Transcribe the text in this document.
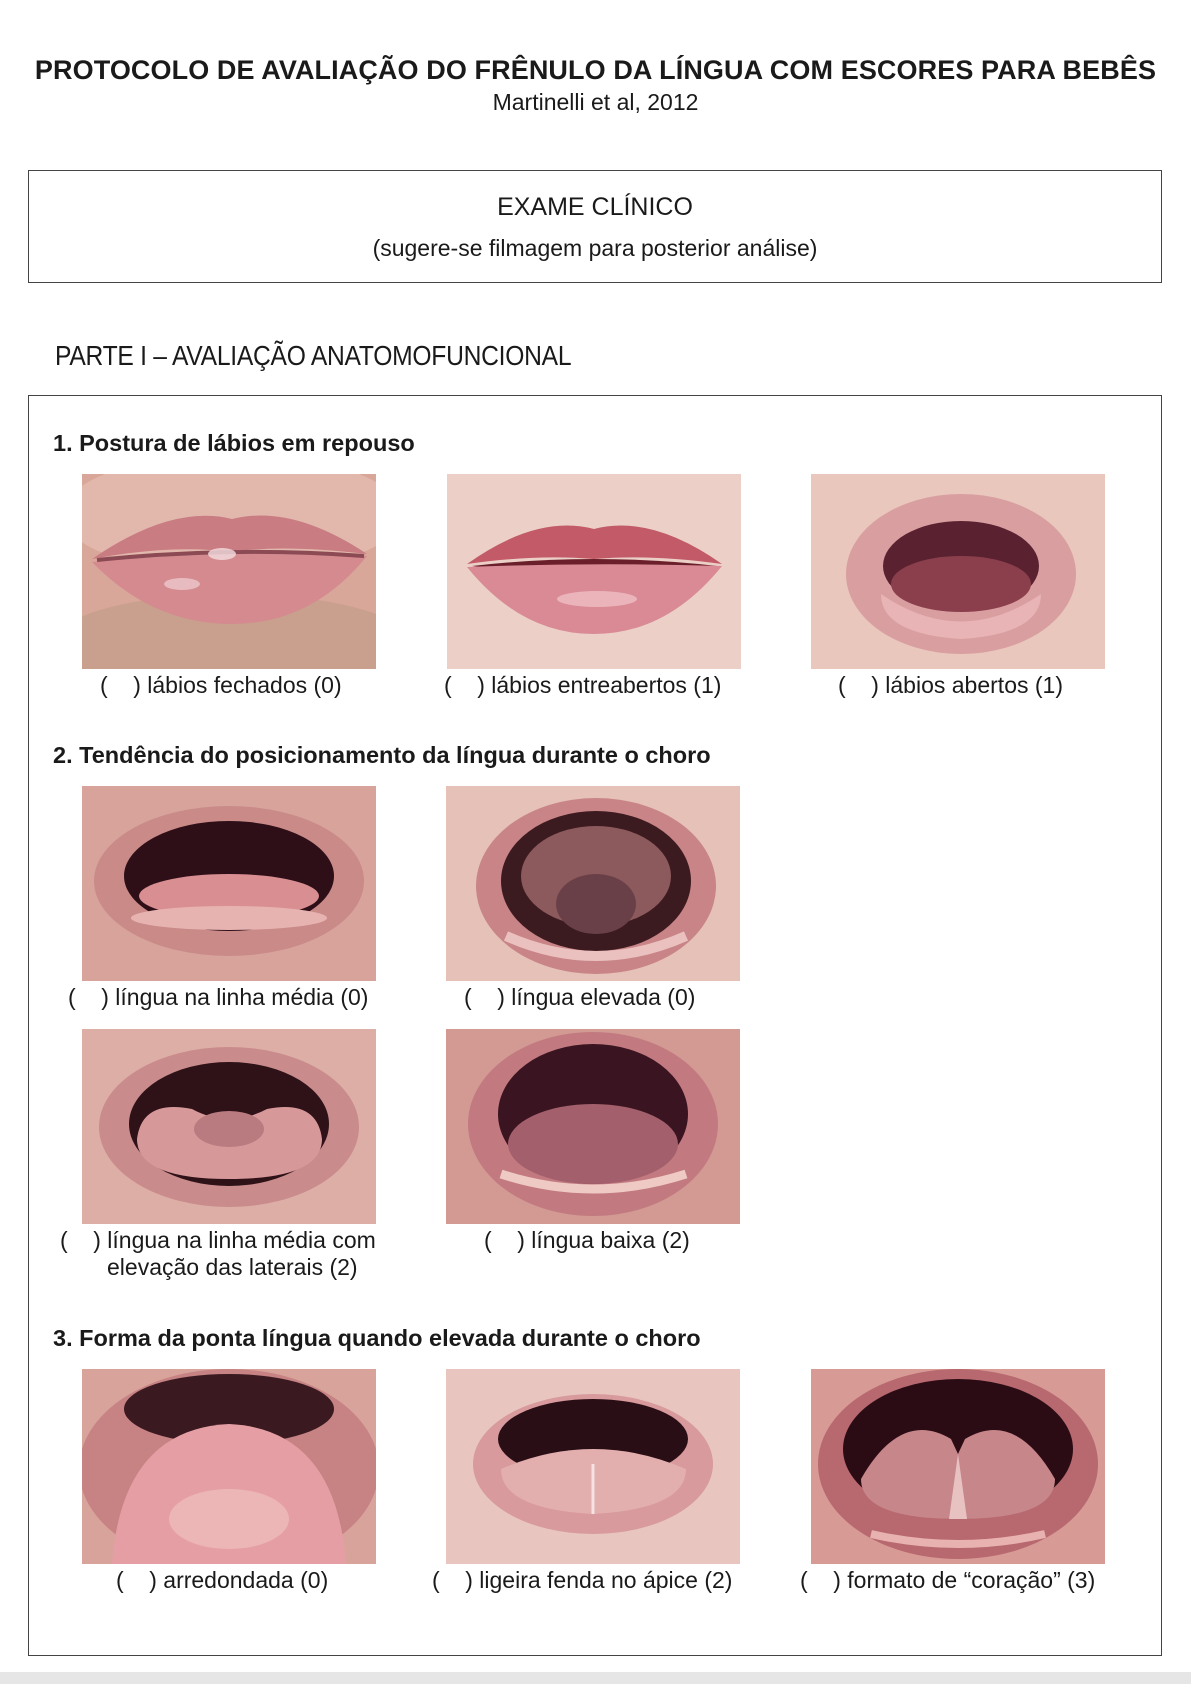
PROTOCOLO DE AVALIAÇÃO DO FRÊNULO DA LÍNGUA COM ESCORES PARA BEBÊS
Martinelli et al, 2012
EXAME CLÍNICO
(sugere-se filmagem para posterior análise)
PARTE I – AVALIAÇÃO ANATOMOFUNCIONAL
1. Postura de lábios em repouso
(    ) lábios fechados (0)	(    ) lábios entreabertos (1)	(    ) lábios abertos (1)
2. Tendência do posicionamento da língua durante o choro
(    ) língua na linha média (0)	(    ) língua elevada (0)
(    ) língua na linha média com
elevação das laterais (2)
(    ) língua baixa (2)
3. Forma da ponta língua quando elevada durante o choro
(    ) arredondada (0)	(    ) ligeira fenda no ápice (2)	(    ) formato de “coração” (3)
